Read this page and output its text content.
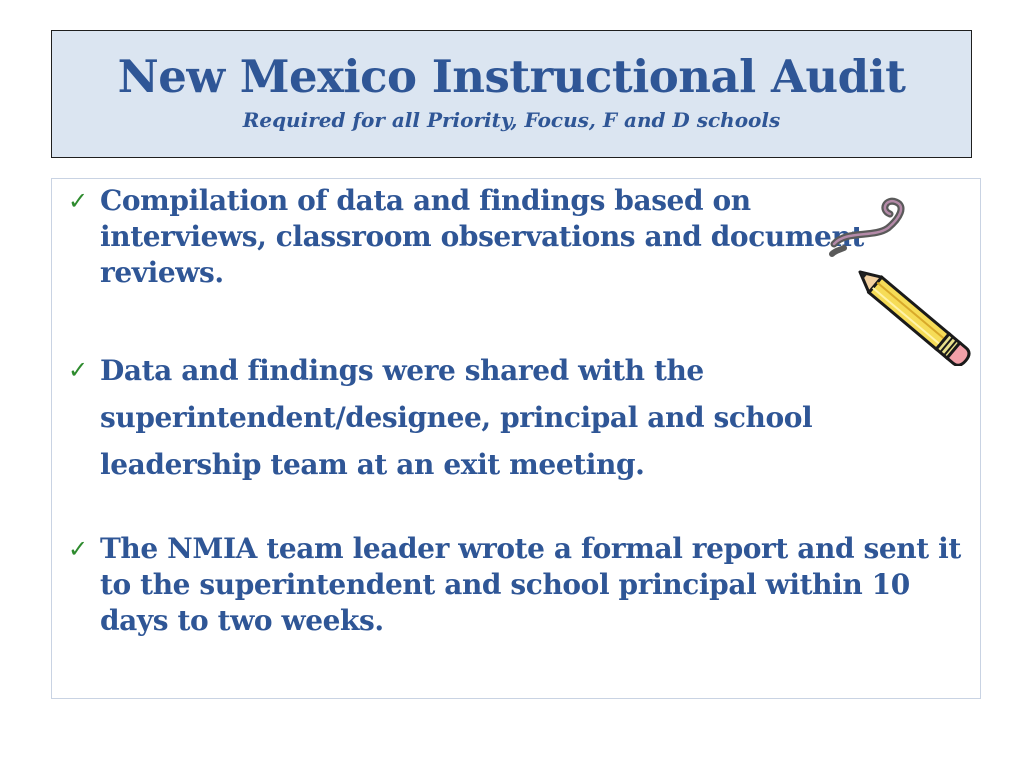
New Mexico Instructional Audit
Required for all Priority, Focus, F and D schools
✓ Compilation of data and findings based on interviews, classroom observations and document reviews.
✓ Data and findings were shared with the superintendent/designee, principal and school leadership team at an exit meeting.
✓ The NMIA team leader wrote a formal report and sent it to the superintendent and school principal within 10 days to two weeks.
